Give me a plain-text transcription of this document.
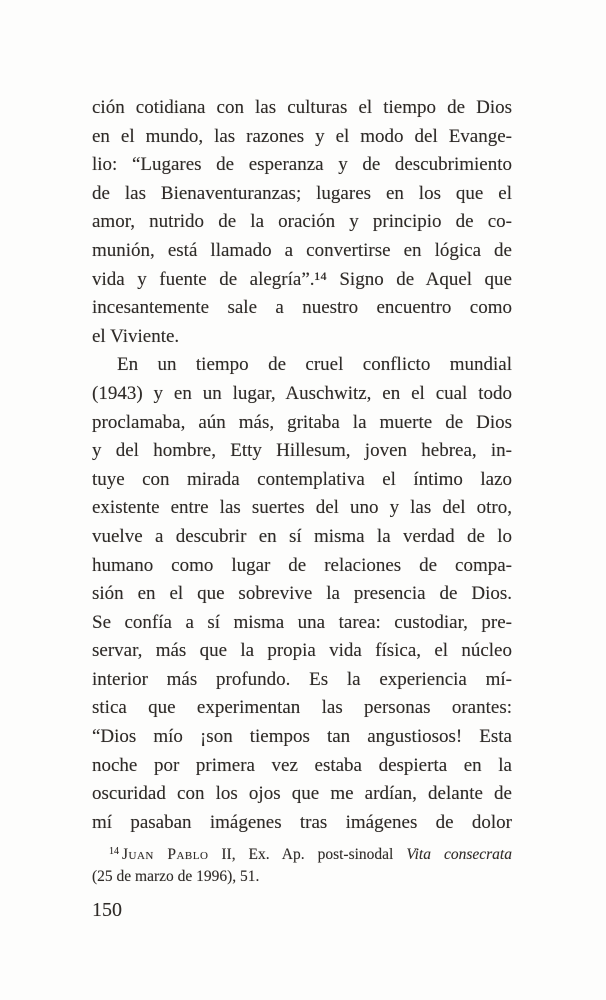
ción cotidiana con las culturas el tiempo de Dios
en el mundo, las razones y el modo del Evange-
lio: “Lugares de esperanza y de descubrimiento
de las Bienaventuranzas; lugares en los que el
amor, nutrido de la oración y principio de co-
munión, está llamado a convertirse en lógica de
vida y fuente de alegría”.¹⁴ Signo de Aquel que
incesantemente sale a nuestro encuentro como
el Viviente.
En un tiempo de cruel conflicto mundial
(1943) y en un lugar, Auschwitz, en el cual todo
proclamaba, aún más, gritaba la muerte de Dios
y del hombre, Etty Hillesum, joven hebrea, in-
tuye con mirada contemplativa el íntimo lazo
existente entre las suertes del uno y las del otro,
vuelve a descubrir en sí misma la verdad de lo
humano como lugar de relaciones de compa-
sión en el que sobrevive la presencia de Dios.
Se confía a sí misma una tarea: custodiar, pre-
servar, más que la propia vida física, el núcleo
interior más profundo. Es la experiencia mí-
stica que experimentan las personas orantes:
“Dios mío ¡son tiempos tan angustiosos! Esta
noche por primera vez estaba despierta en la
oscuridad con los ojos que me ardían, delante de
mí pasaban imágenes tras imágenes de dolor
$^{14}$ Juan Pablo II, Ex. Ap. post-sinodal Vita consecrata
(25 de marzo de 1996), 51.
150
